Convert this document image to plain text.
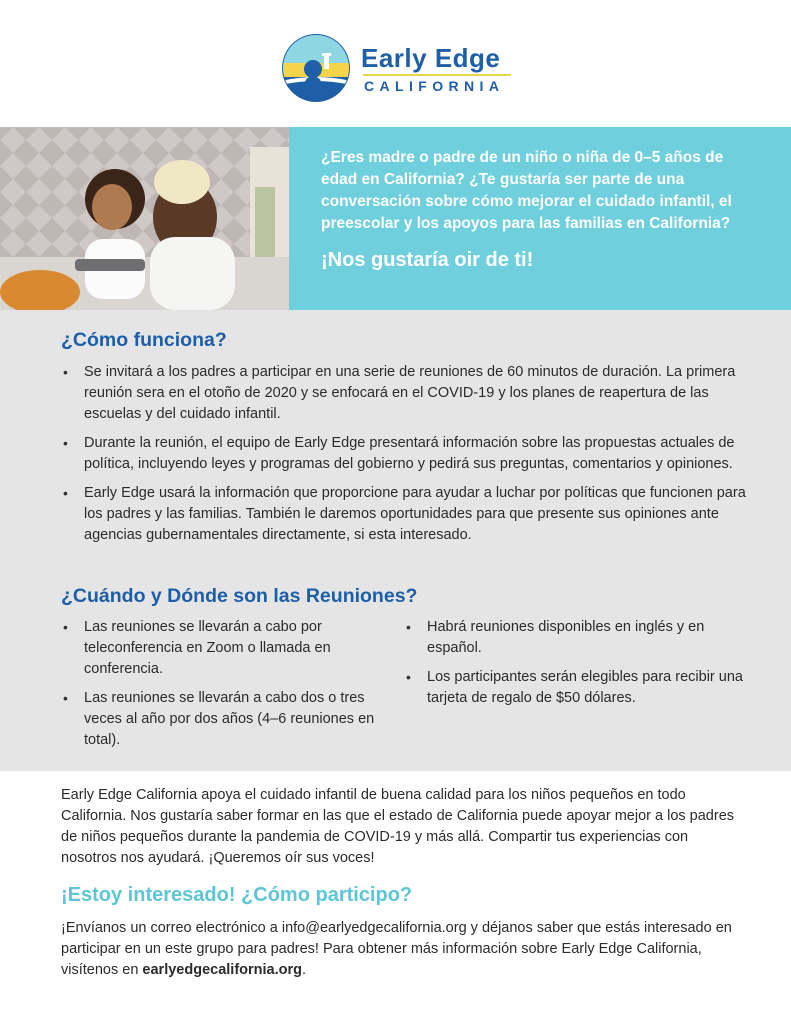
Early Edge
CALIFORNIA

¿Eres madre o padre de un niño o niña de 0–5 años de edad en California? ¿Te gustaría ser parte de una conversación sobre cómo mejorar el cuidado infantil, el preescolar y los apoyos para las familias en California?

¡Nos gustaría oir de ti!

¿Cómo funciona?
• Se invitará a los padres a participar en una serie de reuniones de 60 minutos de duración. La primera reunión sera en el otoño de 2020 y se enfocará en el COVID-19 y los planes de reapertura de las escuelas y del cuidado infantil.
• Durante la reunión, el equipo de Early Edge presentará información sobre las propuestas actuales de política, incluyendo leyes y programas del gobierno y pedirá sus preguntas, comentarios y opiniones.
• Early Edge usará la información que proporcione para ayudar a luchar por políticas que funcionen para los padres y las familias. También le daremos oportunidades para que presente sus opiniones ante agencias gubernamentales directamente, si esta interesado.
¿Cuándo y Dónde son las Reuniones?
• Las reuniones se llevarán a cabo por teleconferencia en Zoom o llamada en conferencia.
• Las reuniones se llevarán a cabo dos o tres veces al año por dos años (4–6 reuniones en total).
• Habrá reuniones disponibles en inglés y en español.
• Los participantes serán elegibles para recibir una tarjeta de regalo de $50 dólares.

Early Edge California apoya el cuidado infantil de buena calidad para los niños pequeños en todo California. Nos gustaría saber formar en las que el estado de California puede apoyar mejor a los padres de niños pequeños durante la pandemia de COVID-19 y más allá. Compartir tus experiencias con nosotros nos ayudará. ¡Queremos oír sus voces!

¡Estoy interesado! ¿Cómo participo?

¡Envíanos un correo electrónico a info@earlyedgecalifornia.org y déjanos saber que estás interesado en participar en un este grupo para padres! Para obtener más información sobre Early Edge California, visítenos en earlyedgecalifornia.org.
